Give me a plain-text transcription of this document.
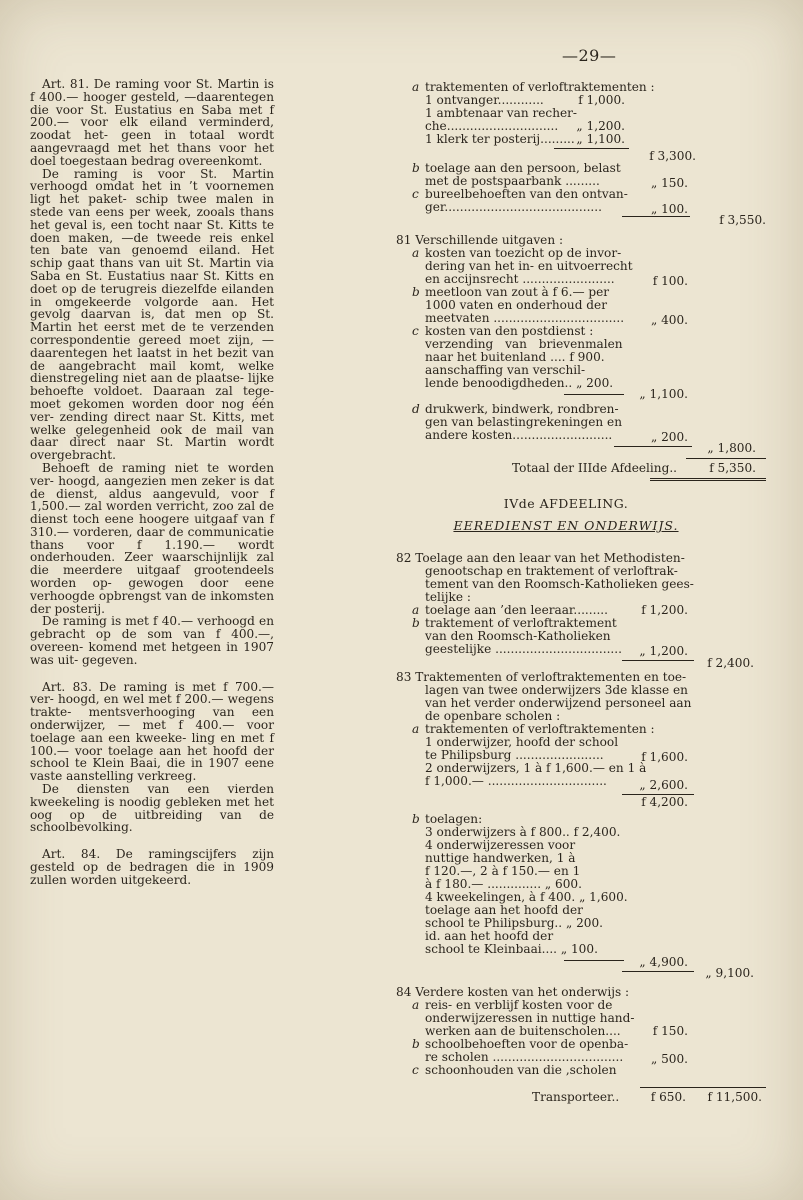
—29—

Art. 81. De raming voor St. Martin is f 400.— hooger gesteld, —daarentegen die voor St. Eustatius en Saba met f 200.— voor elk eiland verminderd, zoodat het- geen in totaal wordt aangevraagd met het thans voor het doel toegestaan bedrag overeenkomt.

De raming is voor St. Martin verhoogd omdat het in ’t voornemen ligt het paket- schip twee malen in stede van eens per week, zooals thans het geval is, een tocht naar St. Kitts te doen maken, —de tweede reis enkel ten bate van genoemd eiland. Het schip gaat thans van uit St. Martin via Saba en St. Eustatius naar St. Kitts en doet op de terugreis diezelfde eilanden in omgekeerde volgorde aan. Het gevolg daarvan is, dat men op St. Martin het eerst met de te verzenden correspondentie gereed moet zijn, — daarentegen het laatst in het bezit van de aangebracht mail komt, welke dienstregeling niet aan de plaatse- lijke behoefte voldoet. Daaraan zal tege- moet gekomen worden door nog één ver- zending direct naar St. Kitts, met welke gelegenheid ook de mail van daar direct naar St. Martin wordt overgebracht.

Behoeft de raming niet te worden ver- hoogd, aangezien men zeker is dat de dienst, aldus aangevuld, voor f 1,500.— zal worden verricht, zoo zal de dienst toch eene hoogere uitgaaf van f 310.— vorderen, daar de communicatie thans voor f 1.190.— wordt onderhouden. Zeer waarschijnlijk zal die meerdere uitgaaf grootendeels worden op- gewogen door eene verhoogde opbrengst van de inkomsten der posterij.

De raming is met f 40.— verhoogd en gebracht op de som van f 400.—, overeen- komend met hetgeen in 1907 was uit- gegeven.

Art. 83. De raming is met f 700.— ver- hoogd, en wel met f 200.— wegens trakte- mentsverhooging van een onderwijzer, — met f 400.— voor toelage aan een kweeke- ling en met f 100.— voor toelage aan het hoofd der school te Klein Baai, die in 1907 eene vaste aanstelling verkreeg.

De diensten van een vierden kweekeling is noodig gebleken met het oog op de uitbreiding van de schoolbevolking.

Art. 84. De ramingscijfers zijn gesteld op de bedragen die in 1909 zullen worden uitgekeerd.

a traktementen of verloftraktementen :
1 ontvanger............	f 1,000.
1 ambtenaar van recher-
che.............................	„ 1,200.
1 klerk ter posterij......... „ 1,100.
f 3,300.
b toelage aan den persoon, belast
met de postspaarbank .........	„ 150.
c bureelbehoeften van den ontvan-
ger.........................................	„ 100.
f 3,550.
81 Verschillende uitgaven :
a kosten van toezicht op de invor-
dering van het in- en uitvoerrecht
en accijnsrecht ........................	f 100.
b meetloon van zout à f 6.— per
1000 vaten en onderhoud der
meetvaten ..................................	„ 400.
c kosten van den postdienst :
verzending van brievenmalen
naar het buitenland .... f 900.
aanschaffing van verschil-
lende benoodigdheden.. „ 200.
„ 1,100.
d drukwerk, bindwerk, rondbren-
gen van belastingrekeningen en
andere kosten..........................	„ 200.
„ 1,800.
Totaal der IIIde Afdeeling..	f 5,350.
IVde AFDEELING.
EEREDIENST EN ONDERWIJS.
82 Toelage aan den leaar van het Methodisten-
genootschap en traktement of verloftrak-
tement van den Roomsch-Katholieken gees-
telijke :
a toelage aan ’den leeraar.........	f 1,200.
b traktement of verloftraktement
van den Roomsch-Katholieken
geestelijke .................................	„ 1,200.
f 2,400.
83 Traktementen of verloftraktementen en toe-
lagen van twee onderwijzers 3de klasse en
van het verder onderwijzend personeel aan
de openbare scholen :
a traktementen of verloftraktementen :
1 onderwijzer, hoofd der school
te Philipsburg .......................	f 1,600.
2 onderwijzers, 1 à f 1,600.— en 1 à
f 1,000.— ...............................	„ 2,600.
f 4,200.
b toelagen:
3 onderwijzers à f 800.. f 2,400.
4 onderwijzeressen voor
nuttige handwerken, 1 à
f 120.—, 2 à f 150.— en 1
à f 180.— .............. „ 600.
4 kweekelingen, à f 400. „ 1,600.
toelage aan het hoofd der
school te Philipsburg.. „ 200.
id. aan het hoofd der
school te Kleinbaai.... „ 100.
„ 4,900.
„ 9,100.
84 Verdere kosten van het onderwijs :
a reis- en verblijf kosten voor de
onderwijzeressen in nuttige hand-
werken aan de buitenscholen....	f 150.
b schoolbehoeften voor de openba-
re scholen ..................................	„ 500.
c schoonhouden van die ‚scholen
Transporteer..	f 650.	f 11,500.
